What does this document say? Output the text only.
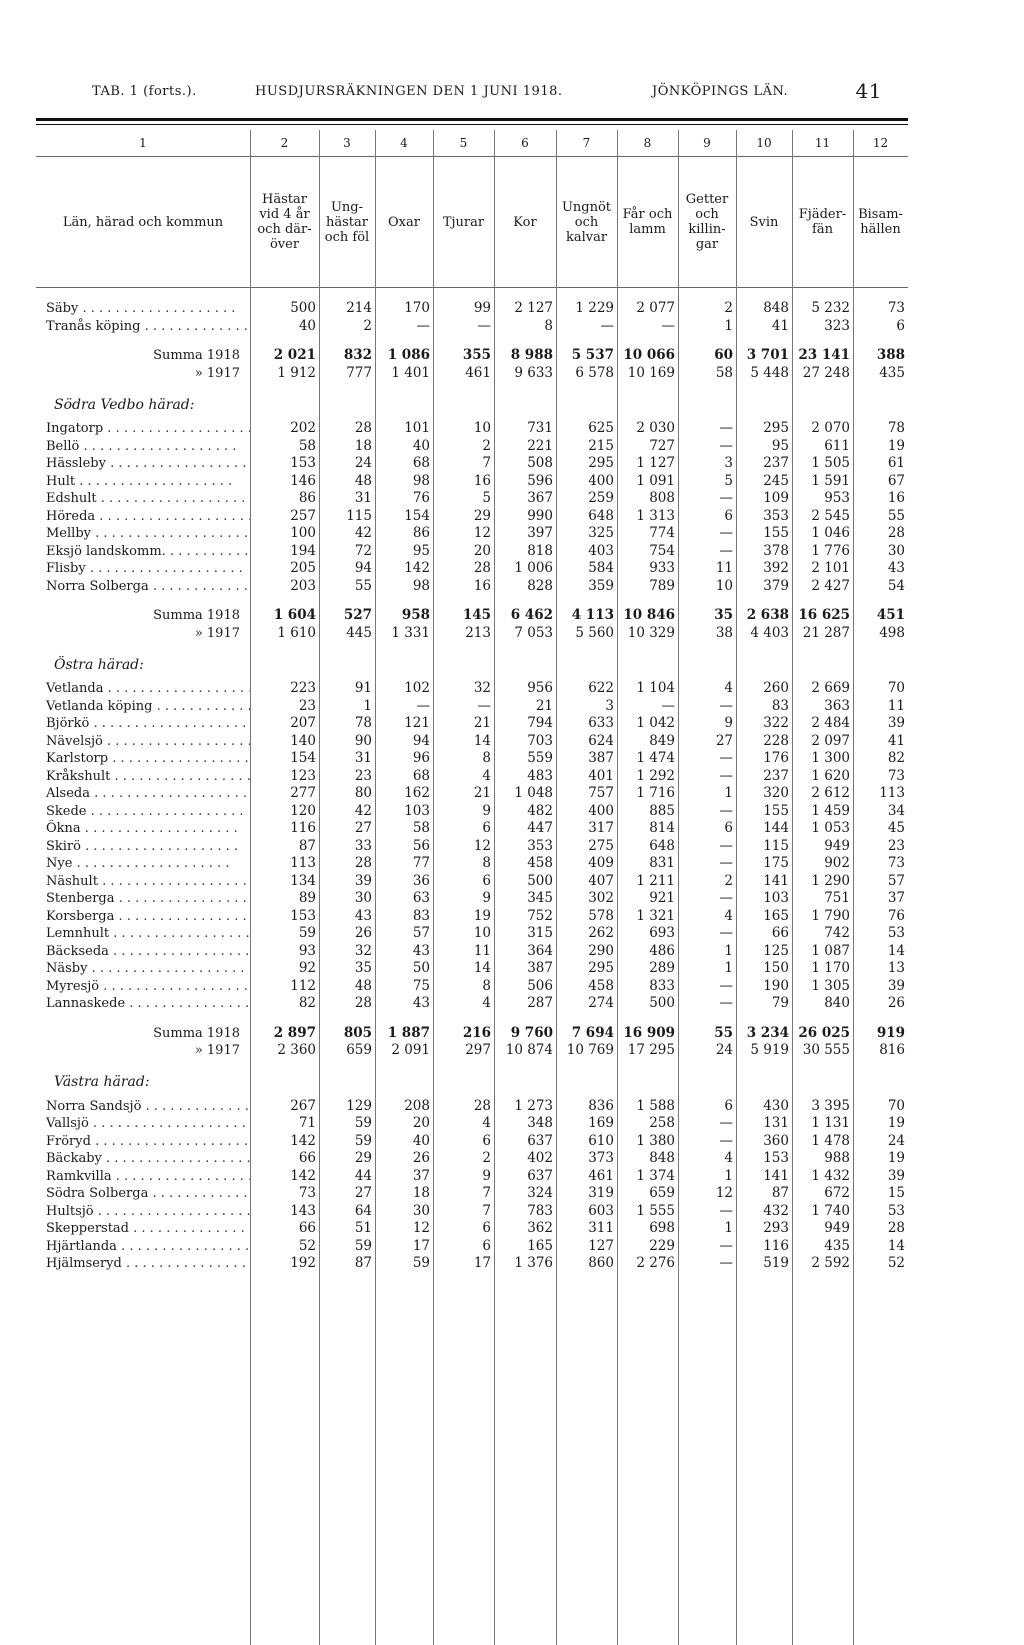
TAB. 1 (forts.).	HUSDJURSRÄKNINGEN DEN 1 JUNI 1918.	JÖNKÖPINGS LÄN.	41
1	2	3	4	5	6	7	8	9	10	11	12
Län, härad och kommun	Hästar vid 4 år och däröver	Unghästar och föl	Oxar	Tjurar	Kor	Ungnöt och kalvar	Får och lamm	Getter och killingar	Svin	Fjäderfän	Bisamhällen

Säby . . .	500	214	170	99	2 127	1 229	2 077	2	848	5 232	73
Tranås köping . . .	40	2	—	—	8	—	—	1	41	323	6

Summa 1918	2 021	832	1 086	355	8 988	5 537	10 066	60	3 701	23 141	388
» 1917	1 912	777	1 401	461	9 633	6 578	10 169	58	5 448	27 248	435
Södra Vedbo härad:											
Ingatorp . . .	202	28	101	10	731	625	2 030	—	295	2 070	78
Bellö . . .	58	18	40	2	221	215	727	—	95	611	19
Hässleby . . .	153	24	68	7	508	295	1 127	3	237	1 505	61
Hult . . .	146	48	98	16	596	400	1 091	5	245	1 591	67
Edshult . . .	86	31	76	5	367	259	808	—	109	953	16
Höreda . . .	257	115	154	29	990	648	1 313	6	353	2 545	55
Mellby . . .	100	42	86	12	397	325	774	—	155	1 046	28
Eksjö landskomm. . . .	194	72	95	20	818	403	754	—	378	1 776	30
Flisby . . .	205	94	142	28	1 006	584	933	11	392	2 101	43
Norra Solberga . . .	203	55	98	16	828	359	789	10	379	2 427	54

Summa 1918	1 604	527	958	145	6 462	4 113	10 846	35	2 638	16 625	451
» 1917	1 610	445	1 331	213	7 053	5 560	10 329	38	4 403	21 287	498
Östra härad:											
Vetlanda . . .	223	91	102	32	956	622	1 104	4	260	2 669	70
Vetlanda köping . . .	23	1	—	—	21	3	—	—	83	363	11
Björkö . . .	207	78	121	21	794	633	1 042	9	322	2 484	39
Nävelsjö . . .	140	90	94	14	703	624	849	27	228	2 097	41
Karlstorp . . .	154	31	96	8	559	387	1 474	—	176	1 300	82
Kråkshult . . .	123	23	68	4	483	401	1 292	—	237	1 620	73
Alseda . . .	277	80	162	21	1 048	757	1 716	1	320	2 612	113
Skede . . .	120	42	103	9	482	400	885	—	155	1 459	34
Ökna . . .	116	27	58	6	447	317	814	6	144	1 053	45
Skirö . . .	87	33	56	12	353	275	648	—	115	949	23
Nye . . .	113	28	77	8	458	409	831	—	175	902	73
Näshult . . .	134	39	36	6	500	407	1 211	2	141	1 290	57
Stenberga . . .	89	30	63	9	345	302	921	—	103	751	37
Korsberga . . .	153	43	83	19	752	578	1 321	4	165	1 790	76
Lemnhult . . .	59	26	57	10	315	262	693	—	66	742	53
Bäckseda . . .	93	32	43	11	364	290	486	1	125	1 087	14
Näsby . . .	92	35	50	14	387	295	289	1	150	1 170	13
Myresjö . . .	112	48	75	8	506	458	833	—	190	1 305	39
Lannaskede . . .	82	28	43	4	287	274	500	—	79	840	26

Summa 1918	2 897	805	1 887	216	9 760	7 694	16 909	55	3 234	26 025	919
» 1917	2 360	659	2 091	297	10 874	10 769	17 295	24	5 919	30 555	816
Västra härad:											
Norra Sandsjö . . .	267	129	208	28	1 273	836	1 588	6	430	3 395	70
Vallsjö . . .	71	59	20	4	348	169	258	—	131	1 131	19
Fröryd . . .	142	59	40	6	637	610	1 380	—	360	1 478	24
Bäckaby . . .	66	29	26	2	402	373	848	4	153	988	19
Ramkvilla . . .	142	44	37	9	637	461	1 374	1	141	1 432	39
Södra Solberga . . .	73	27	18	7	324	319	659	12	87	672	15
Hultsjö . . .	143	64	30	7	783	603	1 555	—	432	1 740	53
Skepperstad . . .	66	51	12	6	362	311	698	1	293	949	28
Hjärtlanda . . .	52	59	17	6	165	127	229	—	116	435	14
Hjälmseryd . . .	192	87	59	17	1 376	860	2 276	—	519	2 592	52
